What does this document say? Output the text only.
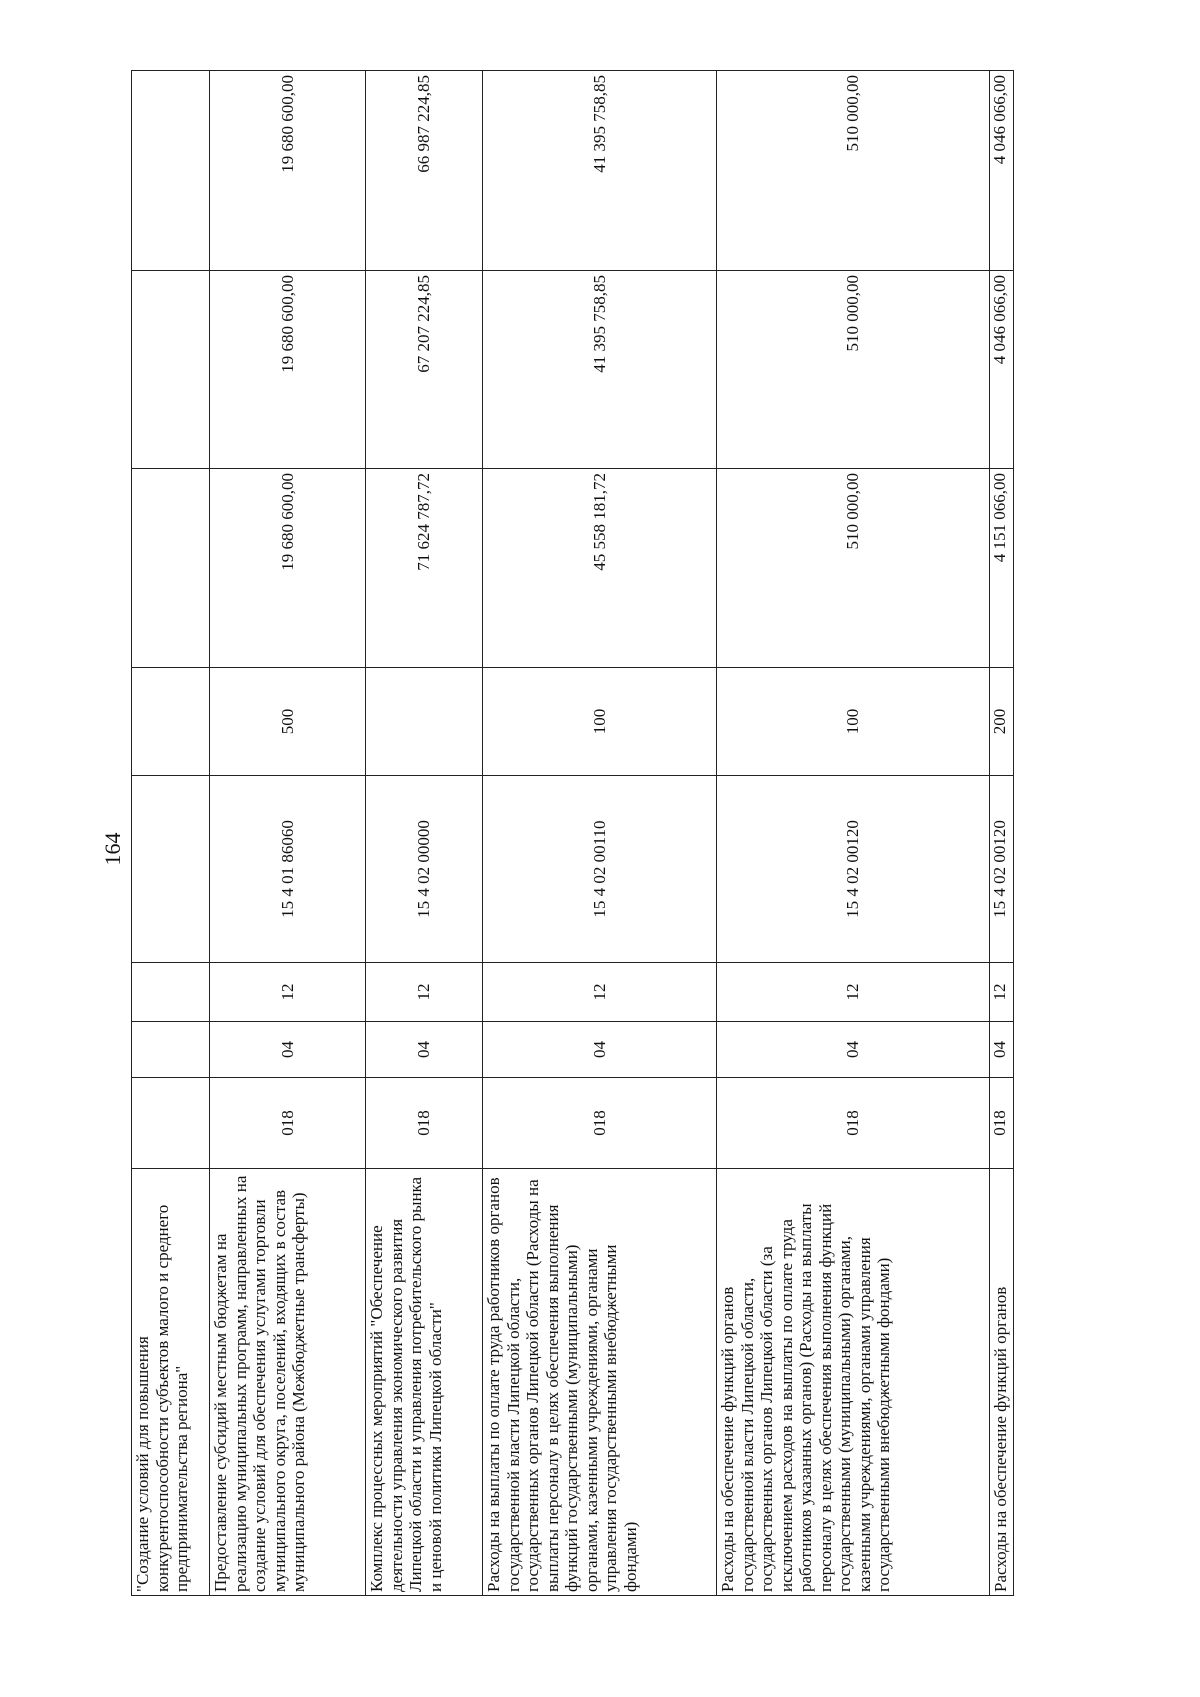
164
"Создание условий для повышения конкурентоспособности субъектов малого и среднего предпринимательства региона"								
Предоставление субсидий местным бюджетам на реализацию муниципальных программ, направленных на создание условий для обеспечения услугами торговли муниципального округа, поселений, входящих в состав муниципального района (Межбюджетные трансферты)	018	04	12	15 4 01 86060	500	19 680 600,00	19 680 600,00	19 680 600,00
Комплекс процессных мероприятий "Обеспечение деятельности управления экономического развития Липецкой области и управления потребительского рынка и ценовой политики Липецкой области"	018	04	12	15 4 02 00000		71 624 787,72	67 207 224,85	66 987 224,85
Расходы на выплаты по оплате труда работников органов государственной власти Липецкой области, государственных органов Липецкой области (Расходы на выплаты персоналу в целях обеспечения выполнения функций государственными (муниципальными) органами, казенными учреждениями, органами управления государственными внебюджетными фондами)	018	04	12	15 4 02 00110	100	45 558 181,72	41 395 758,85	41 395 758,85
Расходы на обеспечение функций органов государственной власти Липецкой области, государственных органов Липецкой области (за исключением расходов на выплаты по оплате труда работников указанных органов) (Расходы на выплаты персоналу в целях обеспечения выполнения функций государственными (муниципальными) органами, казенными учреждениями, органами управления государственными внебюджетными фондами)	018	04	12	15 4 02 00120	100	510 000,00	510 000,00	510 000,00
Расходы на обеспечение функций органов	018	04	12	15 4 02 00120	200	4 151 066,00	4 046 066,00	4 046 066,00
